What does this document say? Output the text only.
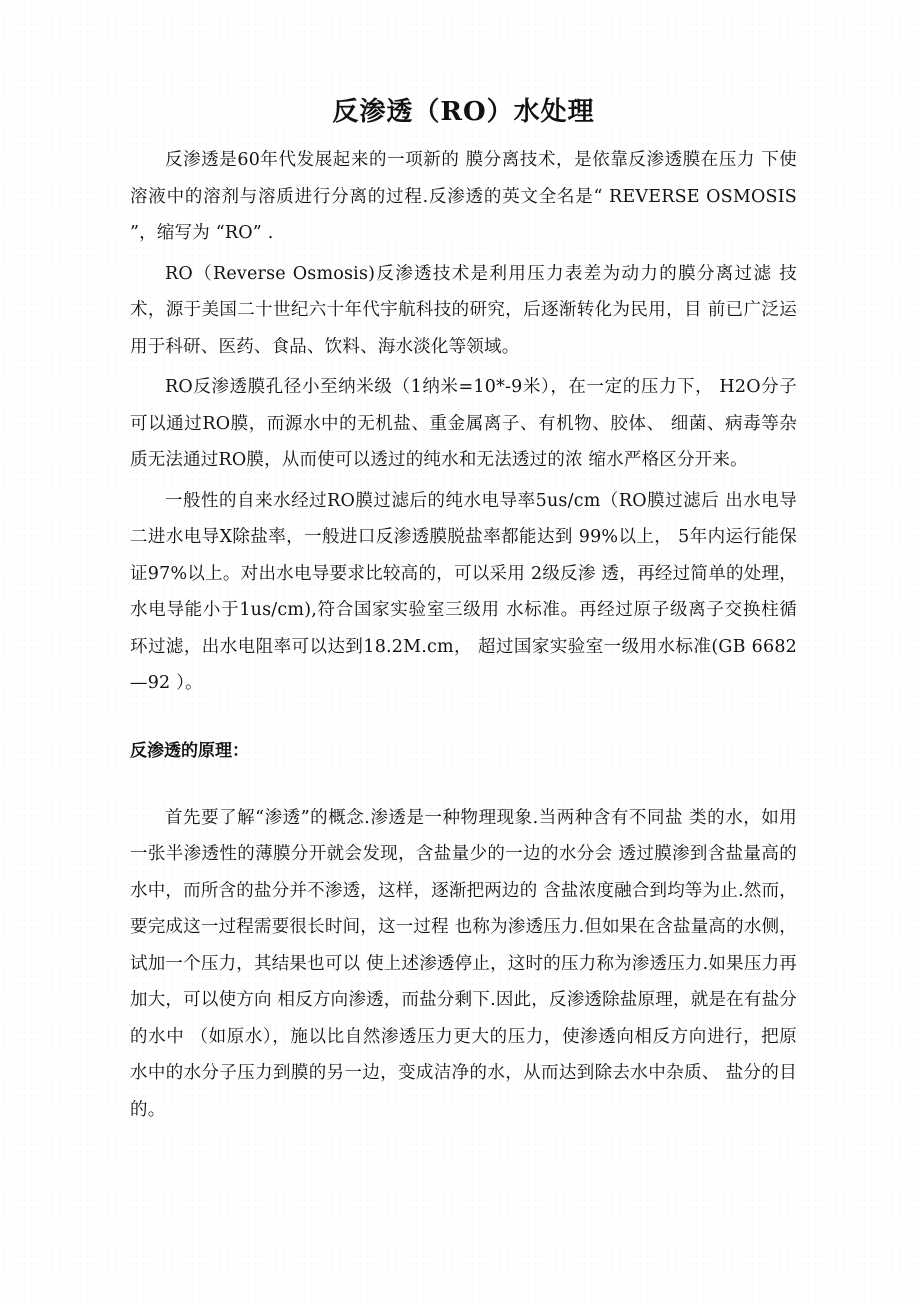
反渗透（RO）水处理

反渗透是60年代发展起来的一项新的 膜分离技术，是依靠反渗透膜在压力 下使溶液中的溶剂与溶质进行分离的过程.反渗透的英文全名是“ REVERSE OSMOSIS ”，缩写为 “RO” .

RO（Reverse Osmosis)反渗透技术是利用压力表差为动力的膜分离过滤 技术，源于美国二十世纪六十年代宇航科技的研究，后逐渐转化为民用，目 前已广泛运用于科研、医药、食品、饮料、海水淡化等领域。

RO反渗透膜孔径小至纳米级（1纳米=10*-9米），在一定的压力下， H2O分子可以通过RO膜，而源水中的无机盐、重金属离子、有机物、胶体、 细菌、病毒等杂质无法通过RO膜，从而使可以透过的纯水和无法透过的浓 缩水严格区分开来。

一般性的自来水经过RO膜过滤后的纯水电导率5us/cm（RO膜过滤后 出水电导二进水电导X除盐率，一般进口反渗透膜脱盐率都能达到 99%以上， 5年内运行能保证97%以上。对出水电导要求比较高的，可以采用 2级反渗 透，再经过简单的处理，水电导能小于1us/cm),符合国家实验室三级用 水标准。再经过原子级离子交换柱循环过滤，出水电阻率可以达到18.2M.cm， 超过国家实验室一级用水标准(GB 6682—92 ）。

反渗透的原理：

首先要了解“渗透”的概念.渗透是一种物理现象.当两种含有不同盐 类的水，如用一张半渗透性的薄膜分开就会发现，含盐量少的一边的水分会 透过膜渗到含盐量高的水中，而所含的盐分并不渗透，这样，逐渐把两边的 含盐浓度融合到均等为止.然而，要完成这一过程需要很长时间，这一过程 也称为渗透压力.但如果在含盐量高的水侧，试加一个压力，其结果也可以 使上述渗透停止，这时的压力称为渗透压力.如果压力再加大，可以使方向 相反方向渗透，而盐分剩下.因此，反渗透除盐原理，就是在有盐分的水中 （如原水），施以比自然渗透压力更大的压力，使渗透向相反方向进行，把原 水中的水分子压力到膜的另一边，变成洁净的水，从而达到除去水中杂质、 盐分的目的。
